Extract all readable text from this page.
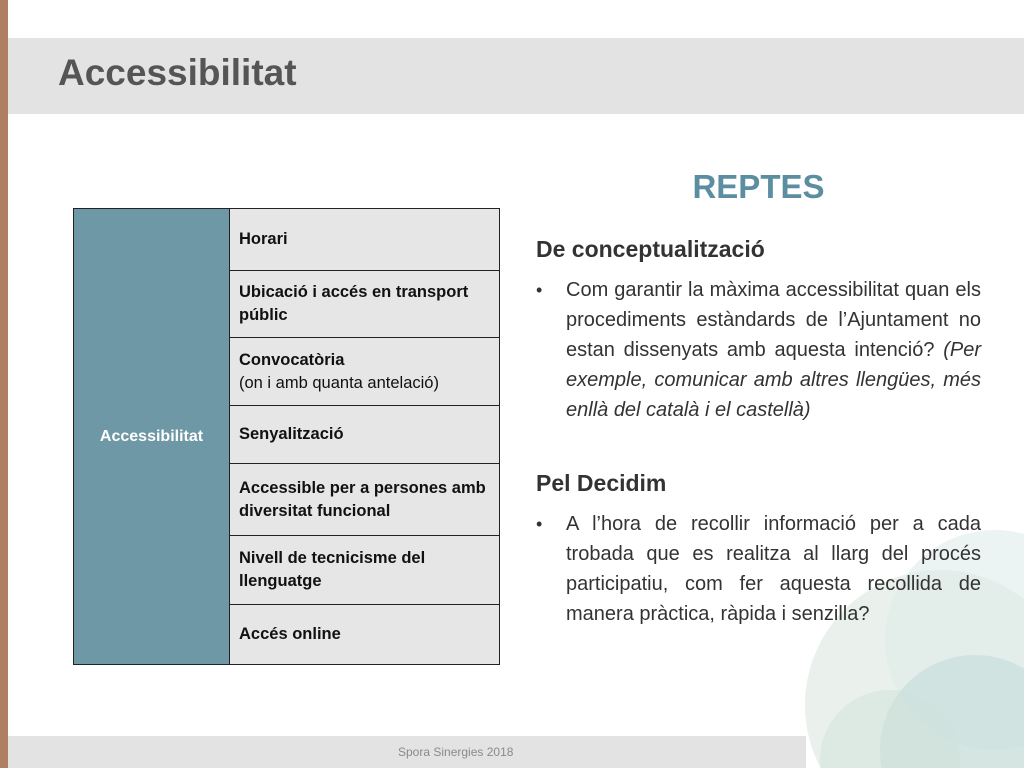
Accessibilitat
Accessibilitat	Horari
Ubicació i accés en transport públic
Convocatòria
(on i amb quanta antelació)

Senyalització
Accessible per a persones amb diversitat funcional
Nivell de tecnicisme del llenguatge
Accés online
REPTES
De conceptualització
•	Com garantir la màxima accessibilitat quan els procediments estàndards de l’Ajuntament no estan dissenyats amb aquesta intenció? (Per exemple, comunicar amb altres llengües, més enllà del català i el castellà)
Pel Decidim
•	A l’hora de recollir informació per a cada trobada que es realitza al llarg del procés participatiu, com fer aquesta recollida de manera pràctica, ràpida i senzilla?
Spora Sinergies 2018
